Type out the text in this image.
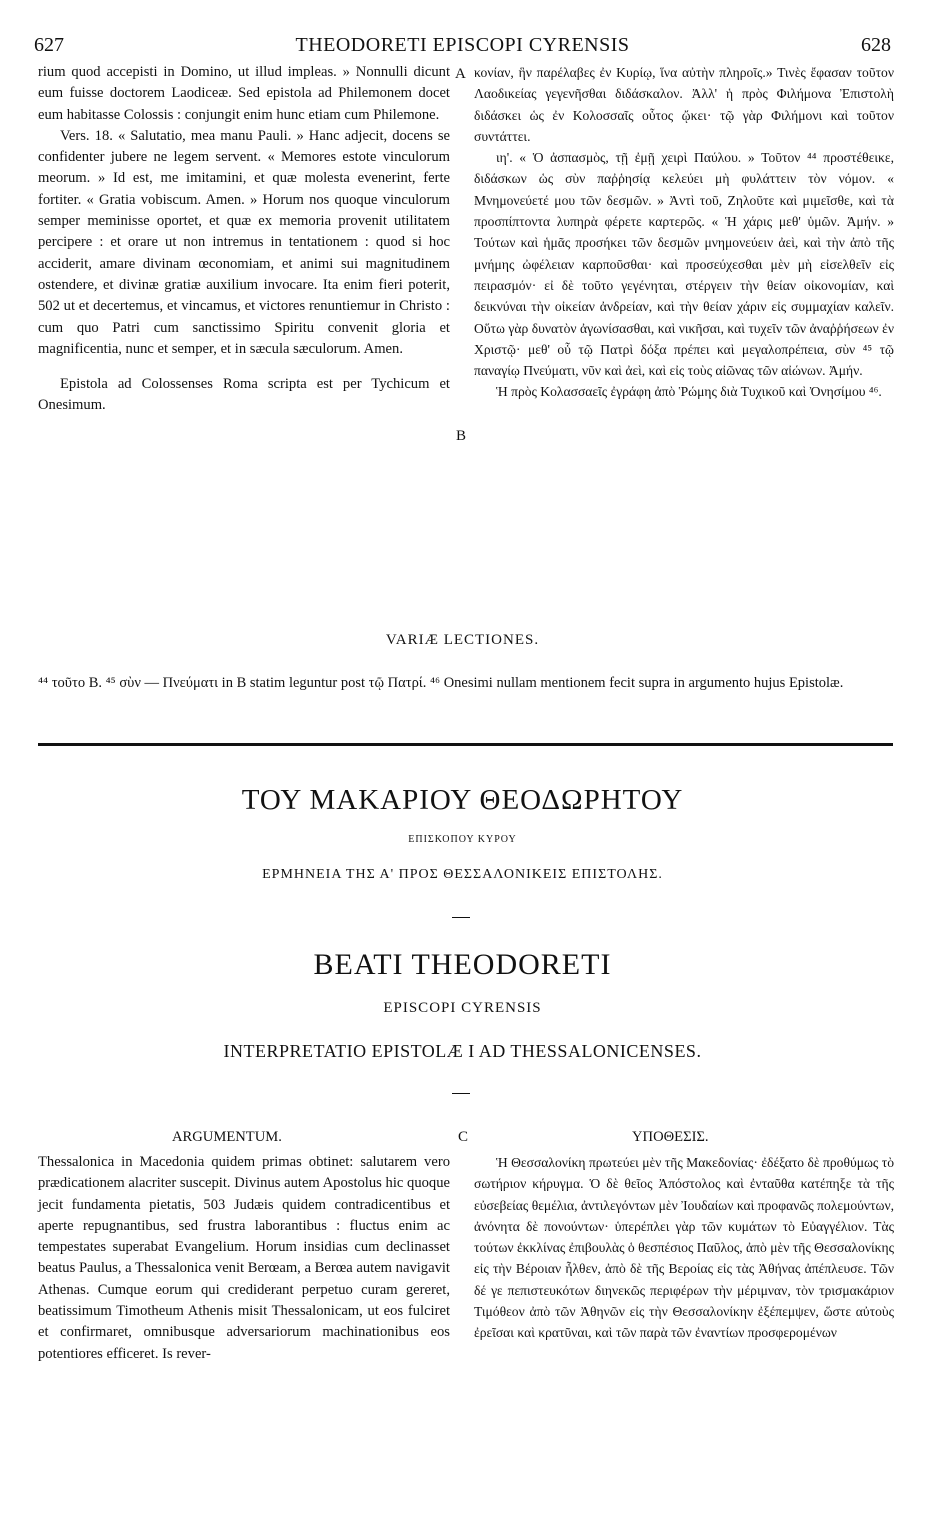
627	THEODORETI EPISCOPI CYRENSIS	628

rium quod accepisti in Domino, ut illud impleas. » Nonnulli dicunt eum fuisse doctorem Laodiceæ. Sed epistola ad Philemonem docet eum habitasse Colossis : conjungit enim hunc etiam cum Philemone.

Vers. 18. « Salutatio, mea manu Pauli. » Hanc adjecit, docens se confidenter jubere ne legem servent. « Memores estote vinculorum meorum. » Id est, me imitamini, et quæ molesta evenerint, ferte fortiter. « Gratia vobiscum. Amen. » Horum nos quoque vinculorum semper meminisse oportet, et quæ ex memoria provenit utilitatem percipere : et orare ut non intremus in tentationem : quod si hoc acciderit, amare divinam œconomiam, et animi sui magnitudinem ostendere, et divinæ gratiæ auxilium invocare. Ita enim fieri poterit, 502 ut et decertemus, et vincamus, et victores renuntiemur in Christo : cum quo Patri cum sanctissimo Spiritu convenit gloria et magnificentia, nunc et semper, et in sæcula sæculorum. Amen.

Epistola ad Colossenses Roma scripta est per Tychicum et Onesimum.

κονίαν, ἣν παρέλαβες ἐν Κυρίῳ, ἵνα αὐτὴν πληροῖς.» Τινὲς ἔφασαν τοῦτον Λαοδικείας γεγενῆσθαι διδάσκαλον. Ἀλλ' ἡ πρὸς Φιλήμονα Ἐπιστολὴ διδάσκει ὡς ἐν Κολοσσαῖς οὗτος ᾤκει· τῷ γὰρ Φιλήμονι καὶ τοῦτον συντάττει.

ιη'. « Ὁ ἀσπασμὸς, τῇ ἐμῇ χειρὶ Παύλου. » Τοῦτον ⁴⁴ προστέθεικε, διδάσκων ὡς σὺν παῤῥησίᾳ κελεύει μὴ φυλάττειν τὸν νόμον. « Μνημονεύετέ μου τῶν δεσμῶν. » Ἀντὶ τοῦ, Ζηλοῦτε καὶ μιμεῖσθε, καὶ τὰ προσπίπτοντα λυπηρὰ φέρετε καρτερῶς. « Ἡ χάρις μεθ' ὑμῶν. Ἀμήν. » Τούτων καὶ ἡμᾶς προσήκει τῶν δεσμῶν μνημονεύειν ἀεὶ, καὶ τὴν ἀπὸ τῆς μνήμης ὠφέλειαν καρποῦσθαι· καὶ προσεύχεσθαι μὲν μὴ εἰσελθεῖν εἰς πειρασμόν· εἰ δὲ τοῦτο γεγένηται, στέργειν τὴν θείαν οἰκονομίαν, καὶ δεικνύναι τὴν οἰκείαν ἀνδρείαν, καὶ τὴν θείαν χάριν εἰς συμμαχίαν καλεῖν. Οὕτω γὰρ δυνατὸν ἀγωνίσασθαι, καὶ νικῆσαι, καὶ τυχεῖν τῶν ἀναῤῥήσεων ἐν Χριστῷ· μεθ' οὗ τῷ Πατρὶ δόξα πρέπει καὶ μεγαλοπρέπεια, σὺν ⁴⁵ τῷ παναγίῳ Πνεύματι, νῦν καὶ ἀεὶ, καὶ εἰς τοὺς αἰῶνας τῶν αἰώνων. Ἀμήν.

Ἡ πρὸς Κολασσαεῖς ἐγράφη ἀπὸ Ῥώμης διὰ Τυχικοῦ καὶ Ὀνησίμου ⁴⁶.

A
B
C
VARIÆ LECTIONES.
⁴⁴ τοῦτο B. ⁴⁵ σὺν — Πνεύματι in B statim leguntur post τῷ Πατρί. ⁴⁶ Onesimi nullam mentionem fecit supra in argumento hujus Epistolæ.
ΤΟΥ ΜΑΚΑΡΙΟΥ ΘΕΟΔΩΡΗΤΟΥ
ΕΠΙΣΚΟΠΟΥ ΚΥΡΟΥ
ΕΡΜΗΝΕΙΑ ΤΗΣ Α' ΠΡΟΣ ΘΕΣΣΑΛΟΝΙΚΕΙΣ ΕΠΙΣΤΟΛΗΣ.
BEATI THEODORETI
EPISCOPI CYRENSIS
INTERPRETATIO EPISTOLÆ I AD THESSALONICENSES.
ARGUMENTUM.	ΥΠΟΘΕΣΙΣ.

Thessalonica in Macedonia quidem primas obtinet: salutarem vero prædicationem alacriter suscepit. Divinus autem Apostolus hic quoque jecit fundamenta pietatis, 503 Judæis quidem contradicentibus et aperte repugnantibus, sed frustra laborantibus : fluctus enim ac tempestates superabat Evangelium. Horum insidias cum declinasset beatus Paulus, a Thessalonica venit Berœam, a Berœa autem navigavit Athenas. Cumque eorum qui crediderant perpetuo curam gereret, beatissimum Timotheum Athenis misit Thessalonicam, ut eos fulciret et confirmaret, omnibusque adversariorum machinationibus eos potentiores efficeret. Is rever-

Ἡ Θεσσαλονίκη πρωτεύει μὲν τῆς Μακεδονίας· ἐδέξατο δὲ προθύμως τὸ σωτήριον κήρυγμα. Ὁ δὲ θεῖος Ἀπόστολος καὶ ἐνταῦθα κατέπηξε τὰ τῆς εὐσεβείας θεμέλια, ἀντιλεγόντων μὲν Ἰουδαίων καὶ προφανῶς πολεμούντων, ἀνόνητα δὲ πονούντων· ὑπερέπλει γὰρ τῶν κυμάτων τὸ Εὐαγγέλιον. Τὰς τούτων ἐκκλίνας ἐπιβουλὰς ὁ θεσπέσιος Παῦλος, ἀπὸ μὲν τῆς Θεσσαλονίκης εἰς τὴν Βέροιαν ἦλθεν, ἀπὸ δὲ τῆς Βεροίας εἰς τὰς Ἀθήνας ἀπέπλευσε. Τῶν δέ γε πεπιστευκότων διηνεκῶς περιφέρων τὴν μέριμναν, τὸν τρισμακάριον Τιμόθεον ἀπὸ τῶν Ἀθηνῶν εἰς τὴν Θεσσαλονίκην ἐξέπεμψεν, ὥστε αὐτοὺς ἐρεῖσαι καὶ κρατῦναι, καὶ τῶν παρὰ τῶν ἐναντίων προσφερομένων
